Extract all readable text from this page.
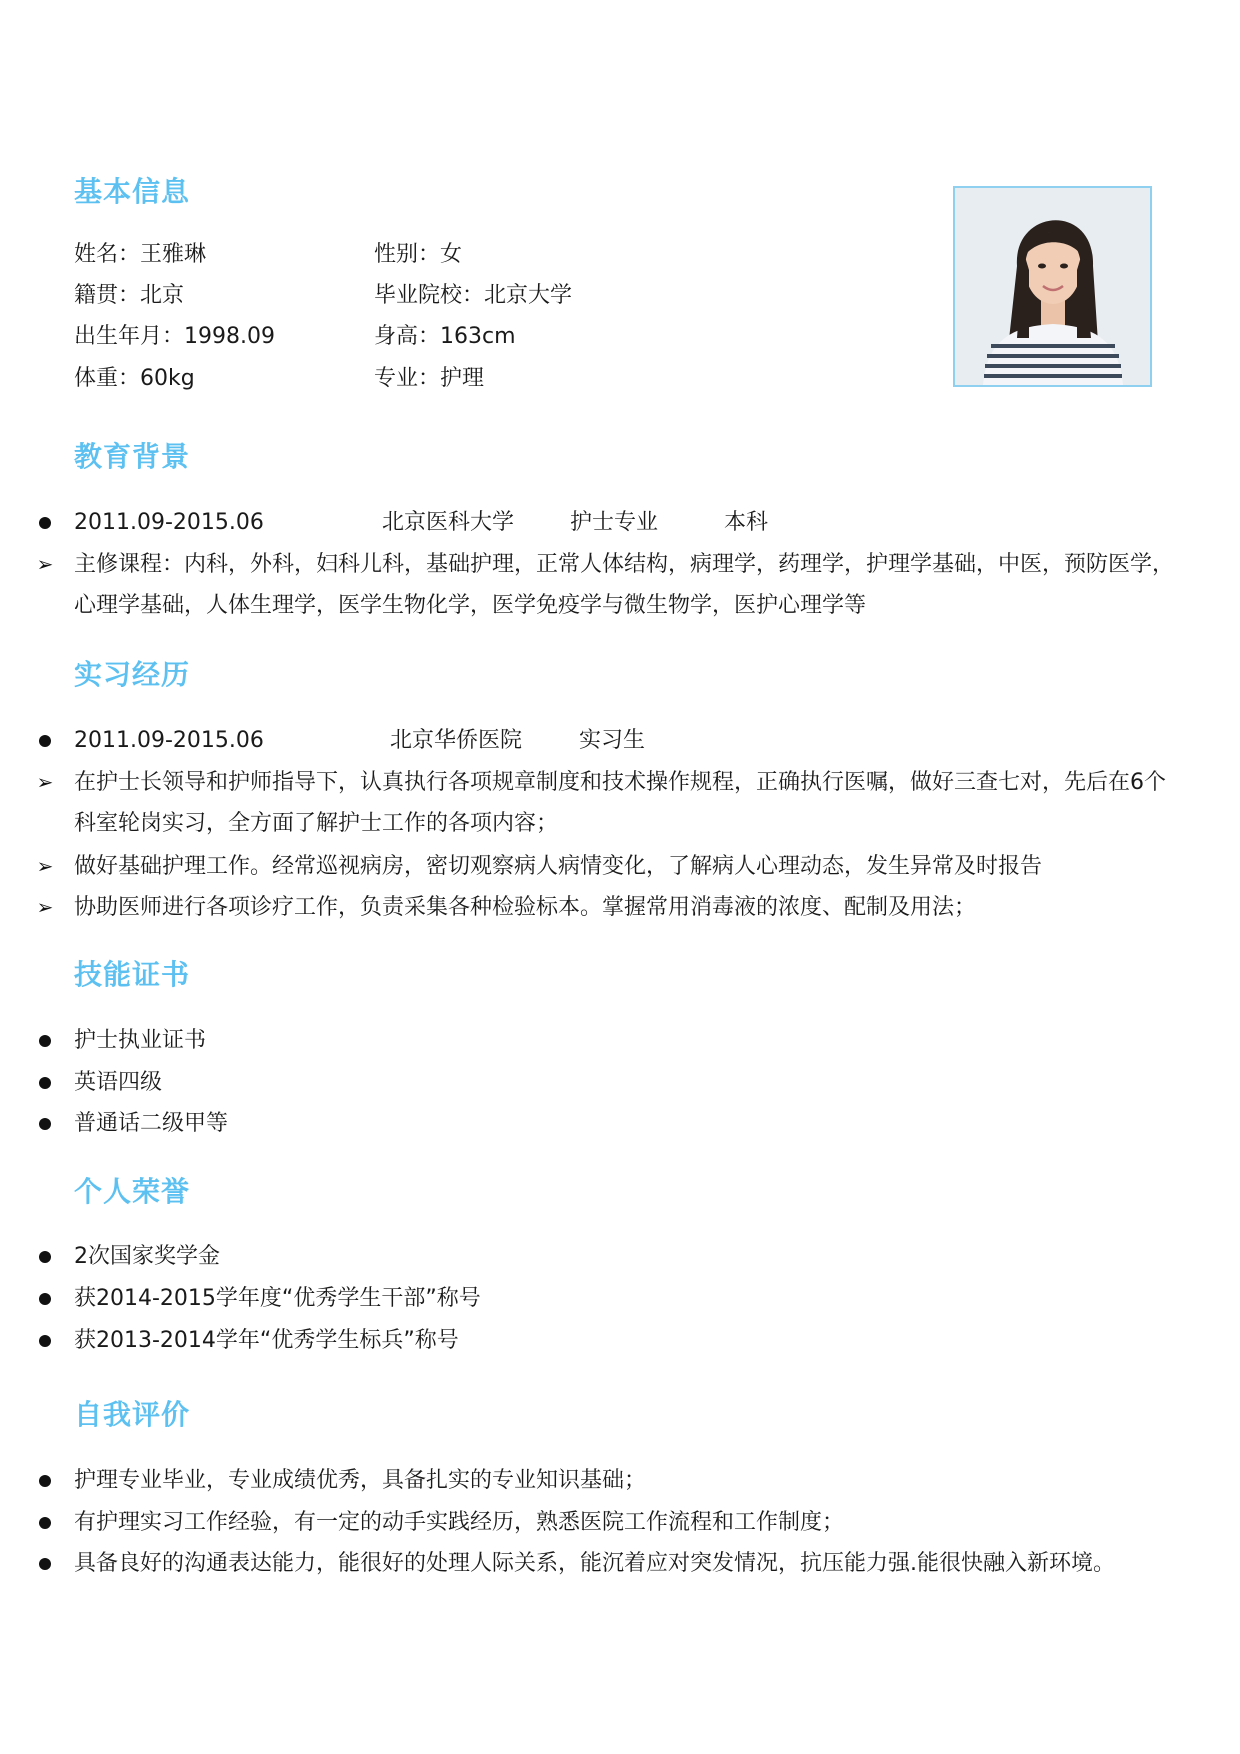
基本信息
姓名：王雅琳	性别：女
籍贯：北京	毕业院校：北京大学
出生年月：1998.09	身高：163cm
体重：60kg	专业：护理
教育背景
2011.09-2015.06	北京医科大学	护士专业	本科
➢ 主修课程：内科，外科，妇科儿科，基础护理，正常人体结构，病理学，药理学，护理学基础，中医，预防医学，心理学基础，人体生理学，医学生物化学，医学免疫学与微生物学，医护心理学等
实习经历
2011.09-2015.06	北京华侨医院	实习生
➢ 在护士长领导和护师指导下，认真执行各项规章制度和技术操作规程，正确执行医嘱，做好三查七对，先后在6个科室轮岗实习，全方面了解护士工作的各项内容；
➢ 做好基础护理工作。经常巡视病房，密切观察病人病情变化，了解病人心理动态，发生异常及时报告
➢ 协助医师进行各项诊疗工作，负责采集各种检验标本。掌握常用消毒液的浓度、配制及用法；
技能证书
护士执业证书
英语四级
普通话二级甲等
个人荣誉
2次国家奖学金
获2014-2015学年度“优秀学生干部”称号
获2013-2014学年“优秀学生标兵”称号
自我评价
护理专业毕业，专业成绩优秀，具备扎实的专业知识基础；
有护理实习工作经验，有一定的动手实践经历，熟悉医院工作流程和工作制度；
具备良好的沟通表达能力，能很好的处理人际关系，能沉着应对突发情况，抗压能力强.能很快融入新环境。
